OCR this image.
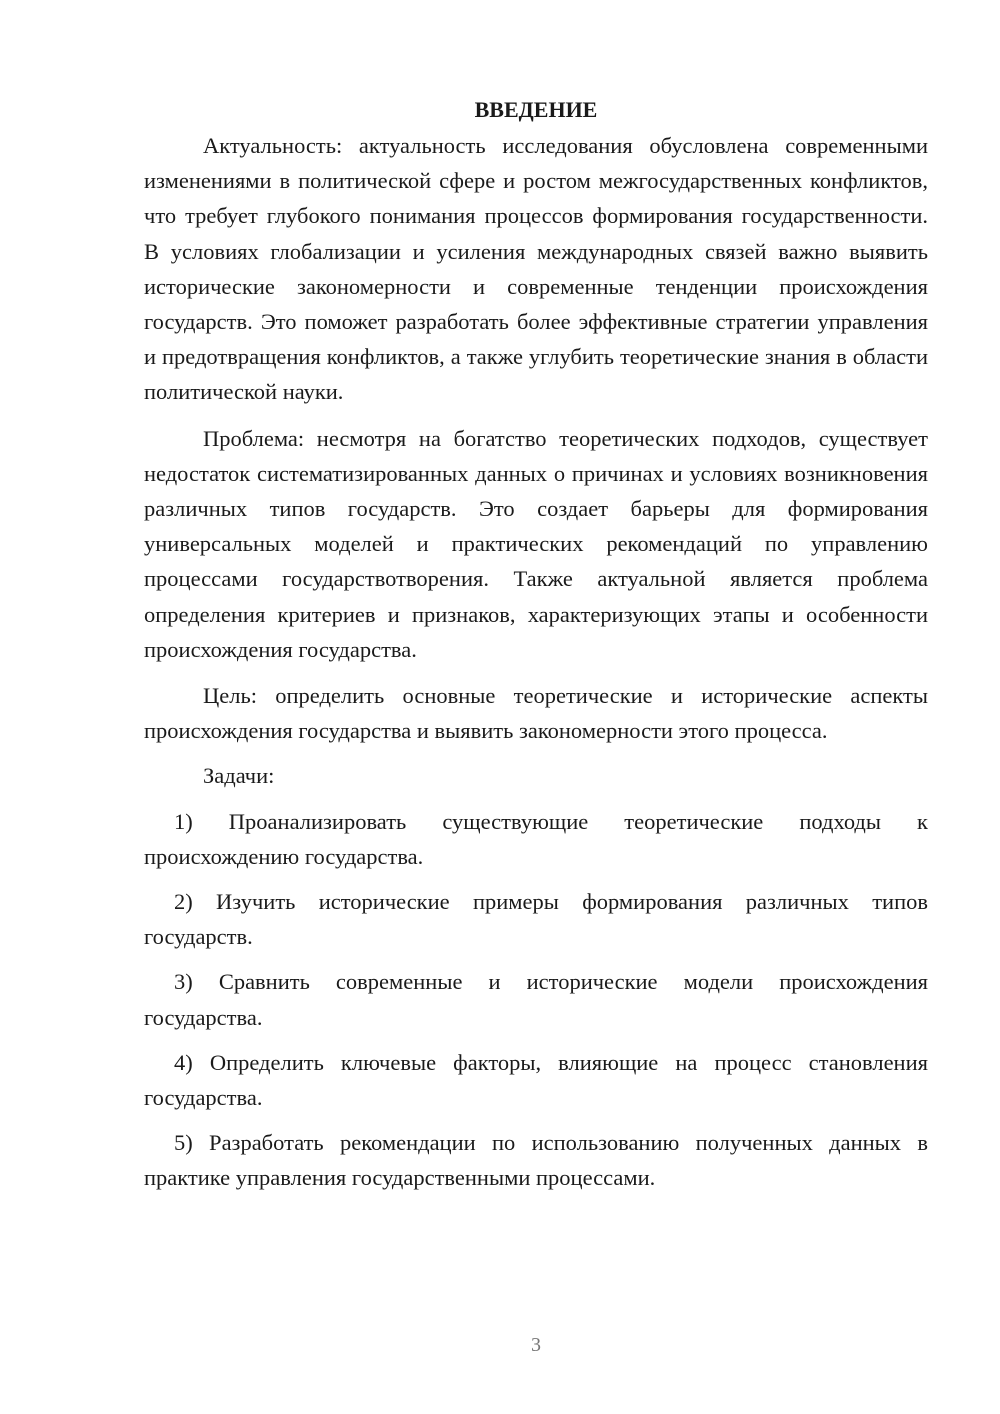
ВВЕДЕНИЕ

Актуальность: актуальность исследования обусловлена современными изменениями в политической сфере и ростом межгосударственных конфликтов, что требует глубокого понимания процессов формирования государственности. В условиях глобализации и усиления международных связей важно выявить исторические закономерности и современные тенденции происхождения государств. Это поможет разработать более эффективные стратегии управления и предотвращения конфликтов, а также углубить теоретические знания в области политической науки.

Проблема: несмотря на богатство теоретических подходов, существует недостаток систематизированных данных о причинах и условиях возникновения различных типов государств. Это создает барьеры для формирования универсальных моделей и практических рекомендаций по управлению процессами государствотворения. Также актуальной является проблема определения критериев и признаков, характеризующих этапы и особенности происхождения государства.

Цель: определить основные теоретические и исторические аспекты происхождения государства и выявить закономерности этого процесса.

Задачи:

1) Проанализировать существующие теоретические подходы к происхождению государства.

2) Изучить исторические примеры формирования различных типов государств.

3) Сравнить современные и исторические модели происхождения государства.

4) Определить ключевые факторы, влияющие на процесс становления государства.

5) Разработать рекомендации по использованию полученных данных в практике управления государственными процессами.

3
